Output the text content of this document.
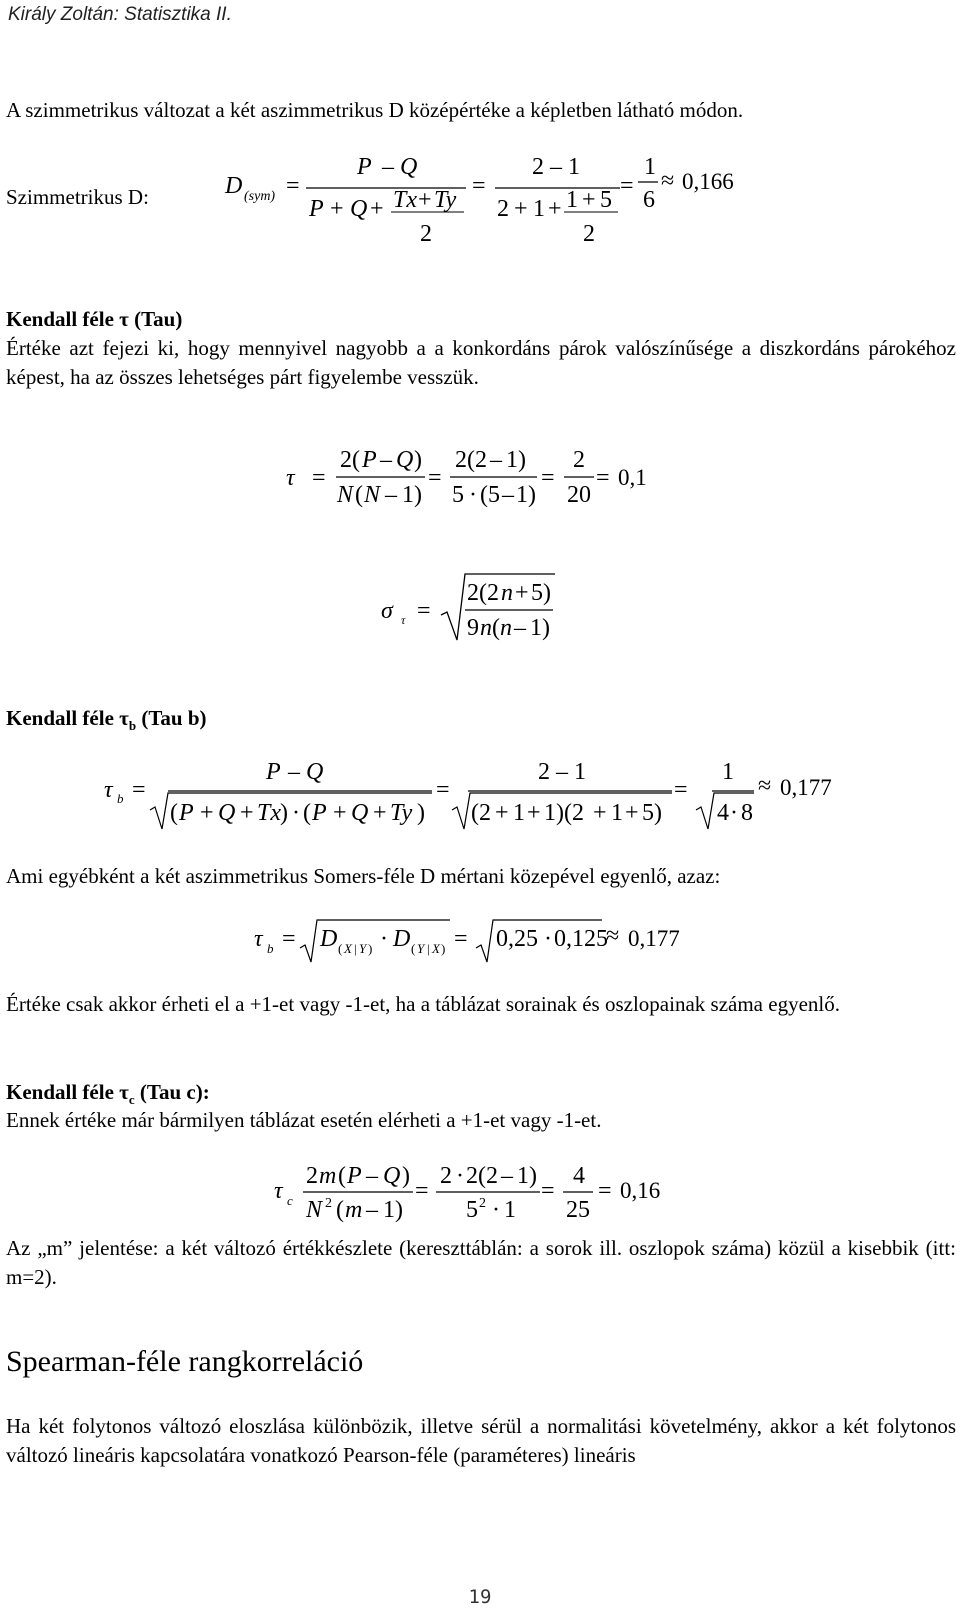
Király Zoltán: Statisztika II.
A szimmetrikus változat a két aszimmetrikus D középértéke a képletben látható módon.
Szimmetrikus D:	D (sym) =
P – Q
P + Q + Tx + Ty
2
=
2 – 1
2 + 1 + 1 + 5
2
=
1
6
≈ 0,166
Kendall féle τ (Tau)
Értéke azt fejezi ki, hogy mennyivel nagyobb a a konkordáns párok valószínűsége a diszkordáns párokéhoz képest, ha az összes lehetséges párt figyelembe vesszük.
τ =
2( P – Q )
N ( N – 1)
=
2(2 – 1)
5 · (5 – 1)
=
2
20
= 0,1
σ τ =
2(2 n + 5)
9 n ( n – 1)
Kendall féle $\tau_b$ (Tau b)
τ b =
P – Q
( P + Q + Tx ) · ( P + Q + Ty )
=
2 – 1
(2 + 1 + 1)(2 + 1 + 5)
=
1
4 · 8
≈ 0,177
Ami egyébként a két aszimmetrikus Somers-féle D mértani közepével egyenlő, azaz:
τ b = D ( X | Y ) · D ( Y | X ) = 0,25 · 0,125
≈ 0,177
Értéke csak akkor érheti el a +1-et vagy -1-et, ha a táblázat sorainak és oszlopainak száma egyenlő.
Kendall féle $\tau_c$ (Tau c):
Ennek értéke már bármilyen táblázat esetén elérheti a +1-et vagy -1-et.
τ c
2 m ( P – Q )
N 2 ( m – 1)
=
2 · 2(2 – 1)
5 2 · 1
=
4
25
= 0,16
Az „m” jelentése: a két változó értékkészlete (kereszttáblán: a sorok ill. oszlopok száma) közül a kisebbik (itt: m=2).
Spearman-féle rangkorreláció
Ha két folytonos változó eloszlása különbözik, illetve sérül a normalitási követelmény, akkor a két folytonos változó lineáris kapcsolatára vonatkozó Pearson-féle (paraméteres) lineáris
19
